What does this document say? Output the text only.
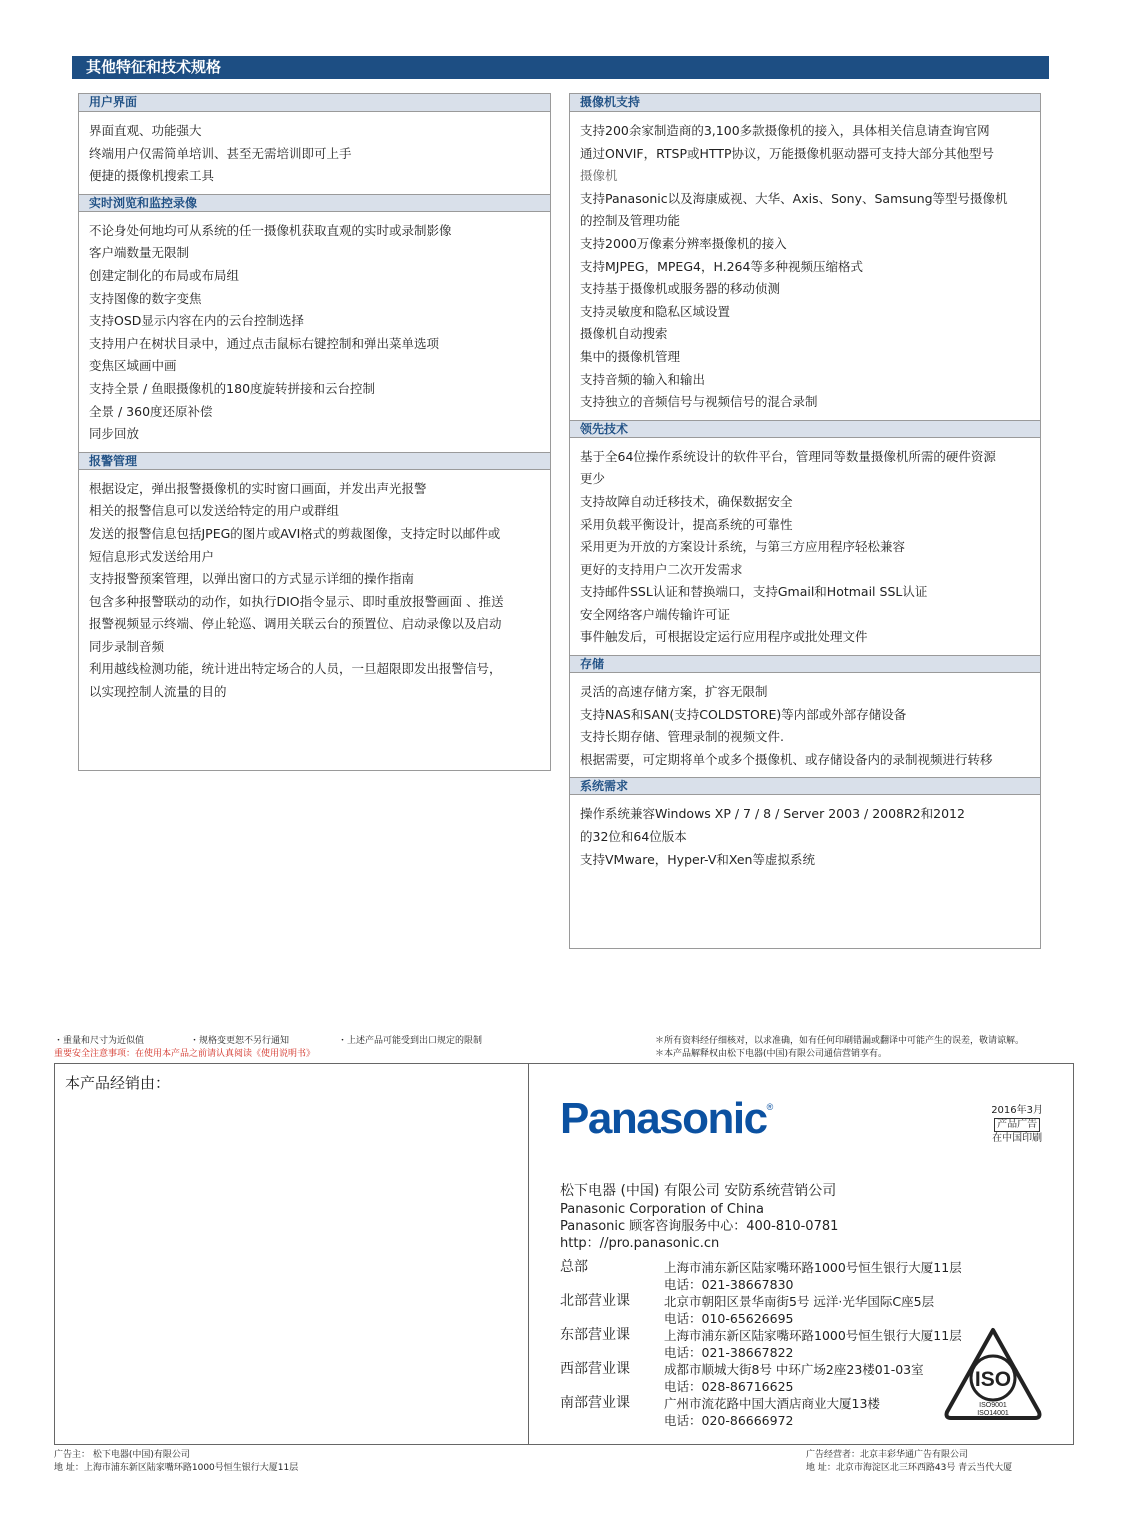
其他特征和技术规格
用户界面
界面直观、功能强大
终端用户仅需简单培训、甚至无需培训即可上手
便捷的摄像机搜索工具
实时浏览和监控录像
不论身处何地均可从系统的任一摄像机获取直观的实时或录制影像
客户端数量无限制
创建定制化的布局或布局组
支持图像的数字变焦
支持OSD显示内容在内的云台控制选择
支持用户在树状目录中，通过点击鼠标右键控制和弹出菜单选项
变焦区域画中画
支持全景 / 鱼眼摄像机的180度旋转拼接和云台控制
全景 / 360度还原补偿
同步回放
报警管理
根据设定，弹出报警摄像机的实时窗口画面，并发出声光报警
相关的报警信息可以发送给特定的用户或群组
发送的报警信息包括JPEG的图片或AVI格式的剪裁图像，支持定时以邮件或
短信息形式发送给用户
支持报警预案管理，以弹出窗口的方式显示详细的操作指南
包含多种报警联动的动作，如执行DIO指令显示、即时重放报警画面 、推送
报警视频显示终端、停止轮巡、调用关联云台的预置位、启动录像以及启动
同步录制音频
利用越线检测功能，统计进出特定场合的人员，一旦超限即发出报警信号，
以实现控制人流量的目的
摄像机支持
支持200余家制造商的3,100多款摄像机的接入，具体相关信息请查询官网
通过ONVIF，RTSP或HTTP协议，万能摄像机驱动器可支持大部分其他型号
摄像机
支持Panasonic以及海康威视、大华、Axis、Sony、Samsung等型号摄像机
的控制及管理功能
支持2000万像素分辨率摄像机的接入
支持MJPEG，MPEG4，H.264等多种视频压缩格式
支持基于摄像机或服务器的移动侦测
支持灵敏度和隐私区域设置
摄像机自动搜索
集中的摄像机管理
支持音频的输入和输出
支持独立的音频信号与视频信号的混合录制
领先技术
基于全64位操作系统设计的软件平台，管理同等数量摄像机所需的硬件资源
更少
支持故障自动迁移技术，确保数据安全
采用负载平衡设计，提高系统的可靠性
采用更为开放的方案设计系统，与第三方应用程序轻松兼容
更好的支持用户二次开发需求
支持邮件SSL认证和替换端口，支持Gmail和Hotmail SSL认证
安全网络客户端传输许可证
事件触发后，可根据设定运行应用程序或批处理文件
存储
灵活的高速存储方案，扩容无限制
支持NAS和SAN(支持COLDSTORE)等内部或外部存储设备
支持长期存储、管理录制的视频文件.
根据需要，可定期将单个或多个摄像机、或存储设备内的录制视频进行转移
系统需求
操作系统兼容Windows XP / 7 / 8 / Server 2003 / 2008R2和2012
的32位和64位版本
支持VMware，Hyper-V和Xen等虚拟系统
・重量和尺寸为近似值	・规格变更恕不另行通知	・上述产品可能受到出口规定的限制
重要安全注意事项：在使用本产品之前请认真阅读《使用说明书》
＊所有资料经仔细核对，以求准确，如有任何印刷错漏或翻译中可能产生的误差，敬请谅解。
＊本产品解释权由松下电器(中国)有限公司通信营销享有。
本产品经销由：
Panasonic®	2016年3月
产品广告
在中国印刷
松下电器 (中国) 有限公司 安防系统营销公司
Panasonic Corporation of China
Panasonic 顾客咨询服务中心：400-810-0781
http：//pro.panasonic.cn
总部	上海市浦东新区陆家嘴环路1000号恒生银行大厦11层
电话：021-38667830
北部营业课	北京市朝阳区景华南街5号 远洋·光华国际C座5层
电话：010-65626695
东部营业课	上海市浦东新区陆家嘴环路1000号恒生银行大厦11层
电话：021-38667822
西部营业课	成都市顺城大街8号 中环广场2座23楼01-03室
电话：028-86716625
南部营业课	广州市流花路中国大酒店商业大厦13楼
电话：020-86666972
ISO
ISO9001
ISO14001
广告主： 松下电器(中国)有限公司
地 址：上海市浦东新区陆家嘴环路1000号恒生银行大厦11层
广告经营者：北京丰彩华通广告有限公司
地 址：北京市海淀区北三环西路43号 青云当代大厦
